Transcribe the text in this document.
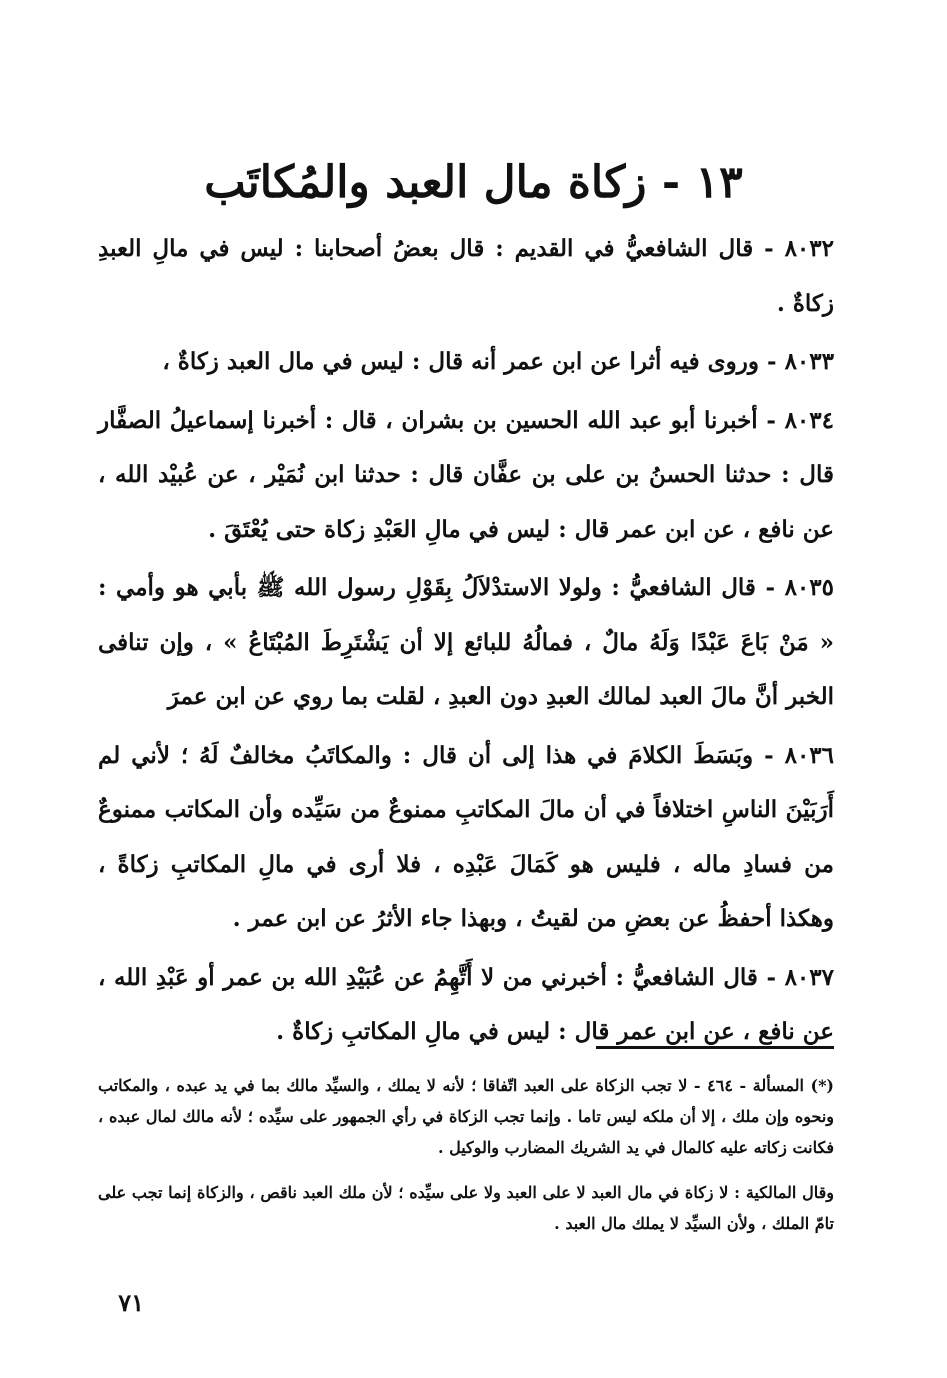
١٣ - زكاة مال العبد والمُكاتَب

٨٠٣٢ - قال الشافعيُّ في القديم : قال بعضُ أصحابنا : ليس في مالِ العبدِ زكاةٌ .

٨٠٣٣ - وروى فيه أثرا عن ابن عمر أنه قال : ليس في مال العبد زكاةٌ ،

٨٠٣٤ - أخبرنا أبو عبد الله الحسين بن بشران ، قال : أخبرنا إسماعيلُ الصفَّار قال : حدثنا الحسنُ بن على بن عفَّان قال : حدثنا ابن نُمَيْر ، عن عُبيْد الله ، عن نافع ، عن ابن عمر قال : ليس في مالِ العَبْدِ زكاة حتى يُعْتَقَ .

٨٠٣٥ - قال الشافعيُّ : ولولا الاستدْلاَلُ بِقَوْلِ رسول الله ﷺ بأبي هو وأمي : « مَنْ بَاعَ عَبْدًا وَلَهُ مالٌ ، فمالُهُ للبائع إلا أن يَشْتَرِطَ المُبْتَاعُ » ، وإن تنافى الخبر أنَّ مالَ العبد لمالك العبدِ دون العبدِ ، لقلت بما روي عن ابن عمرَ

٨٠٣٦ - وبَسَطَ الكلامَ في هذا إلى أن قال : والمكاتَبُ مخالفٌ لَهُ ؛ لأني لم أَرَبَيْنَ الناسِ اختلافاً في أن مالَ المكاتبِ ممنوعٌ من سَيِّده وأن المكاتب ممنوعٌ من فسادِ ماله ، فليس هو كَمَالَ عَبْدِه ، فلا أرى في مالِ المكاتبِ زكاةً ، وهكذا أحفظُ عن بعضِ من لقيتُ ، وبهذا جاء الأثرُ عن ابن عمر .

٨٠٣٧ - قال الشافعيُّ : أخبرني من لا أَتَّهِمُ عن عُبَيْدِ الله بن عمر أو عَبْدِ الله ، عن نافع ، عن ابن عمر قال : ليس في مالِ المكاتبِ زكاةٌ .

(*) المسألة - ٤٦٤ - لا تجب الزكاة على العبد اتّفاقا ؛ لأنه لا يملك ، والسيِّد مالك بما في يد عبده ، والمكاتب ونحوه وإن ملك ، إلا أن ملكه ليس تاما . وإنما تجب الزكاة في رأي الجمهور على سيِّده ؛ لأنه مالك لمال عبده ، فكانت زكاته عليه كالمال في يد الشريك المضارب والوكيل .

وقال المالكية : لا زكاة في مال العبد لا على العبد ولا على سيِّده ؛ لأن ملك العبد ناقص ، والزكاة إنما تجب على تامّ الملك ، ولأن السيِّد لا يملك مال العبد .

٧١
